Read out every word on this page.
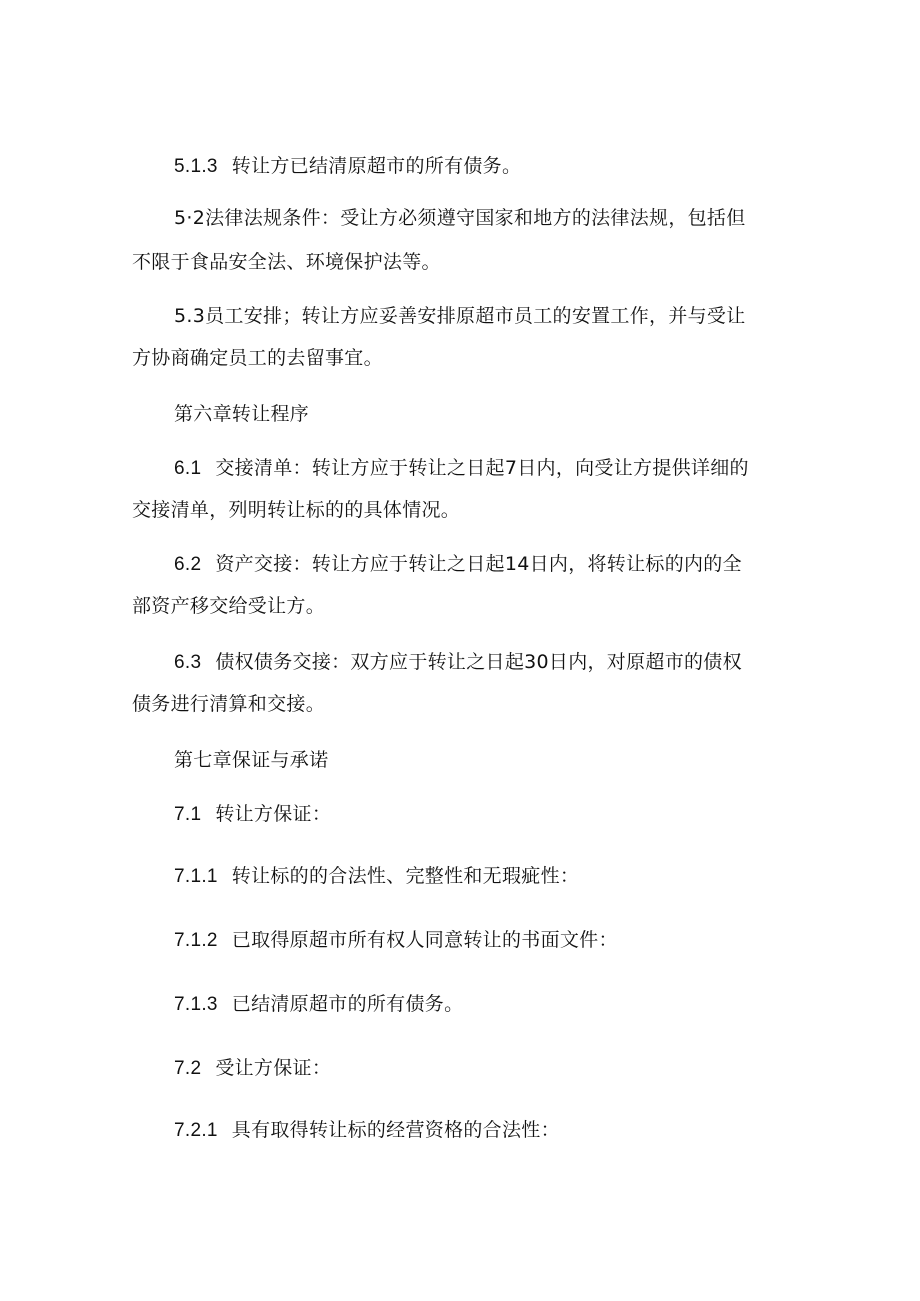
5.1.3 转让方已结清原超市的所有债务。
5·2法律法规条件：受让方必须遵守国家和地方的法律法规，包括但
不限于食品安全法、环境保护法等。
5.3员工安排；转让方应妥善安排原超市员工的安置工作，并与受让
方协商确定员工的去留事宜。
第六章转让程序
6.1 交接清单：转让方应于转让之日起7日内，向受让方提供详细的
交接清单，列明转让标的的具体情况。
6.2 资产交接：转让方应于转让之日起14日内，将转让标的内的全
部资产移交给受让方。
6.3 债权债务交接：双方应于转让之日起30日内，对原超市的债权
债务进行清算和交接。
第七章保证与承诺
7.1 转让方保证：
7.1.1 转让标的的合法性、完整性和无瑕疵性：
7.1.2 已取得原超市所有权人同意转让的书面文件：
7.1.3 已结清原超市的所有债务。
7.2 受让方保证：
7.2.1 具有取得转让标的经营资格的合法性：
